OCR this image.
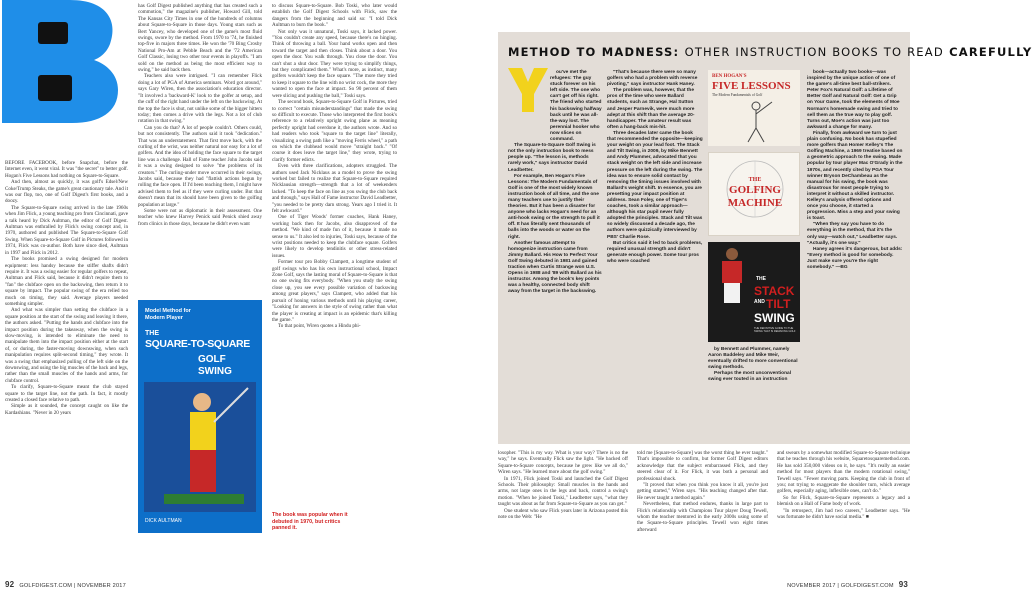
BEFORE FACEBOOK, before Snapchat, before the Internet even, it went viral. It was "the secret" to better golf. Hogan's Five Lessons had nothing on Square-to-Square.

And then, almost as quickly, it was golf's Edsel/New Coke/Trump Steaks, the game's great cautionary tale. And it was our flop, too, one of Golf Digest's first books, and a doozy.

The Square-to-Square swing arrived in the late 1960s when Jim Flick, a young teaching pro from Cincinnati, gave a talk heard by Dick Aultman, the editor of Golf Digest. Aultman was enthralled by Flick's swing concept and, in 1970, authored and published The Square-to-Square Golf Swing. When Square-to-Square Golf in Pictures followed in 1974, Flick was co-author. Both have since died, Aultman in 1997 and Flick in 2012.

The books promised a swing designed for modern equipment: less handsy because the stiffer shafts didn't require it. It was a swing easier for regular golfers to repeat, Aultman and Flick said, because it didn't require them to "fan" the clubface open on the backswing, then return it to square by impact. The popular swing of the era relied too much on timing, they said. Average players needed something simpler.

And what was simpler than setting the clubface in a square position at the start of the swing and leaving it there, the authors asked. "Putting the hands and clubface into the impact position during the takeaway, when the swing is slow-moving, is intended to eliminate the need to manipulate them into the impact position either at the start of, or during, the faster-moving downswing, when such manipulation requires split-second timing," they wrote. It was a swing that emphasized pulling of the left side on the downswing, and using the big muscles of the back and legs, rather than the small muscles of the hands and arms, for clubface control.

To clarify, Square-to-Square meant the club stayed square to the target line, not the path. In fact, it mostly created a closed face relative to path.

Simple as it sounded, the concept caught on like the Kardashians. "Never in 20 years

has Golf Digest published anything that has created such a commotion," the magazine's publisher, Howard Gill, told The Kansas City Times in one of the hundreds of columns about Square-to-Square in those days. Young stars such as Bert Yancey, who developed one of the game's most fluid swings, swore by the method. From 1970 to '74, he finished top-five in majors three times. He won the '70 Bing Crosby National Pro-Am at Pebble Beach and the '72 American Golf Classic, losing two other tour events in playoffs. "I am sold on the method as being the most efficient way to swing," he said back then.

Teachers also were intrigued. "I can remember Flick doing a lot of PGA of America seminars. Word got around," says Gary Wiren, then the association's education director. "It involved a 'backward-K' look to the golfer at setup, and the cuff of the right hand under the left on the backswing. At the top the face is shut, not unlike some of the bigger hitters today; then comes a drive with the legs. Not a lot of club rotation in that swing."

Can you do that? A lot of people couldn't. Others could, but not consistently. The authors said it took "dedication." That was an understatement. That first move back, with the curling of the wrist, was neither natural nor easy for a lot of golfers. And the idea of holding the face square to the target line was a challenge. Hall of Fame teacher John Jacobs said it was a swing designed to solve "the problems of its creators." The curling-under move occurred in their swings, Jacobs said, because they had "flattish actions begun by rolling the face open. If I'd been teaching them, I might have advised them to feel as if they were curling under. But that doesn't mean that its should have been given to the golfing population at large."

Some were not as diplomatic in their assessment. One teacher who knew Harvey Penick said Penick shied away from clinics in those days, because he didn't even want

Model Method for Modern Player
THE
SQUARE-TO-SQUARE
GOLF
SWING
DICK AULTMAN
The book was popular when it debuted in 1970, but critics panned it.

to discuss Square-to-Square. Bob Toski, who later would establish the Golf Digest Schools with Flick, saw the dangers from the beginning and said so: "I told Dick Aultman to burn the book."

Not only was it unnatural, Toski says, it lacked power. "You couldn't create any speed, because there's no hinging. Think of throwing a ball. Your hand works open and then toward the target and then closes. Think about a door. You open the door. You walk through. You close the door. You can't shut a shut door. They were trying to simplify things, but they complicated them." What's more, as instinct, many golfers wouldn't keep the face square. "The more they tried to keep it square to the line with no wrist cock, the more they wanted to open the face at impact. So 90 percent of them were slicing and pushing the ball," Toski says.

The second book, Square-to-Square Golf in Pictures, tried to correct "certain misunderstandings" that made the swing so difficult to execute. Those who interpreted the first book's reference to a relatively upright swing plane as meaning perfectly upright had overdone it, the authors wrote. And so had readers who took "square to the target line" literally, visualizing a swing path like a "moving Ferris wheel," a path on which the clubhead would move "straight back." "Of course it does leave the target line," they wrote, trying to clarify former edicts.

Even with three clarifications, adopters struggled. The authors used Jack Nicklaus as a model to prove the swing worked but failed to realize that Square-to-Square required Nicklausian strength—strength that a lot of weekenders lacked. "To keep the face on line as you swing the club back and through," says Hall of Fame instructor David Leadbetter, "you needed to be pretty darn strong. Years ago I tried it. It felt awkward."

One of Tiger Woods' former coaches, Hank Haney, working back then for Jacobs, also disapproved of the method. "We kind of made fun of it, because it made no sense to us." It also led to injuries, Toski says, because of the wrist positions needed to keep the clubface square. Golfers were likely to develop tendinitis or other stress-related issues.

Former tour pro Bobby Clampett, a longtime student of golf swings who has his own instructional school, Impact Zone Golf, says the lasting moral of Square-to-Square is that no one swing fits everybody. "When you study the swing close up, you see every possible variation of backswing among great players," says Clampett, who added that his pursuit of honing various methods until his playing career, "Looking for answers in the style of swing rather than what the player is creating at impact is an epidemic that's killing the game."

To that point, Wiren quotes a Hindu phi-

92 GOLFDIGEST.COM | NOVEMBER 2017
METHOD TO MADNESS: OTHER INSTRUCTION BOOKS TO READ CAREFULLY

ou've met the refugees: The guy stuck forever on his left side. The one who can't get off his right. The friend who started his backswing halfway back until he was all-the-way lost. The perennial hooker who now slices on command.

The Square-to-Square Golf Swing is not the only instruction book to mess people up. "The lesson is, methods rarely work," says instructor David Leadbetter.

For example, Ben Hogan's Five Lessons: The Modern Fundamentals of Golf is one of the most widely known instruction book of all time, and the one many teachers use to justify their theories. But it has been a disaster for anyone who lacks Hogan's need for an anti-hook swing or the strength to pull it off. It has literally sent thousands of balls into the woods or water on the right.

Another famous attempt to homogenize instruction came from Jimmy Ballard. His How to Perfect Your Golf Swing debuted in 1981 and gained traction when Curtis Strange won U.S. Opens in 1988 and '89 with Ballard as his instructor. Among the book's key points was a healthy, connected body shift away from the target in the backswing.

"That's because there were so many golfers who had a problem with reverse pivoting," says instructor Hank Haney.

The problem was, however, that the pros of the time who were Ballard students, such as Strange, Hal Sutton and Jesper Parnevik, were much more adept at this shift than the average 20-handicapper. The amateur result was often a hang-back mis-hit.

Three decades later came the book that recommended the opposite—keeping your weight on your lead foot. The Stack and Tilt Swing, in 2009, by Mike Bennett and Andy Plummer, advocated that you stack weight on the left side and increase pressure on the left during the swing. The idea was to ensure solid contact by removing the timing issues involved with Ballard's weight shift. In essence, you are presetting your impact position at address. Sean Foley, one of Tiger's coaches, took a similar approach—although his star pupil never fully adopted the principles. Stack and Tilt was so widely discussed a decade ago, the authors were quizzically interviewed by PBS' Charlie Rose.

But critics said it led to back problems, required unusual strength and didn't generate enough power. Some tour pros who were coached

BEN HOGAN'S
FIVE LESSONS
The Modern Fundamentals of Golf
THE
GOLFING
MACHINE
THE
STACK
AND TILT
SWING
THE DEFINITIVE GUIDE TO THE SWING THAT IS REMAKING GOLF

by Bennett and Plummer, namely Aaron Baddeley and Mike Weir, eventually drifted to more conventional swing methods.

Perhaps the most unconventional swing ever touted in an instruction

book—actually two books—was inspired by the unique action of one of the game's all-time best ball-strikers. Peter Fox's Natural Golf: a Lifetime of Better Golf and Natural Golf: Get a Grip on Your Game, took the elements of Moe Norman's homemade swing and tried to sell them as the true way to play golf. Turns out, Moe's action was just too awkward a change for many.

Finally, from awkward we turn to just plain confusing. No book has stupefied more golfers than Homer Kelley's The Golfing Machine, a 1969 treatise based on a geometric approach to the swing. Made popular by tour player Mac O'Grady in the 1970s, and recently cited by PGA Tour winner Bryson DeChambeau as the manual for his swing, the book was disastrous for most people trying to interpret it without a skilled instructor. Kelley's analysis offered options and once you choose, it started a progression. Miss a step and your swing is toast.

"When they say you have to do everything in the method, that it's the only way—watch out," Leadbetter says. "Actually, it's one way."

Haney agrees it's dangerous, but adds: "Every method is good for somebody. Just make sure you're the right somebody." —BG

losopher. "This is my way. What is your way? There is no the way," he says. Eventually Flick saw the light. "He backed off Square-to-Square concepts, because he grew like we all do," Wiren says. "He learned more about the golf swing."

In 1971, Flick joined Toski and launched the Golf Digest Schools. Their philosophy: Small muscles in the hands and arms, not large ones in the legs and back, control a swing's motion. "When he joined Toski," Leadbetter says, "what they taught was about as far from Square-to-Square as you can get."

One student who saw Flick years later in Arizona posted this note on the Web: "He

told me [Square-to-Square] was the worst thing he ever taught." That's impossible to confirm, but former Golf Digest editors acknowledge that the subject embarrassed Flick, and they steered clear of it. For Flick, it was both a personal and professional shock.

"It proved that when you think you know it all, you're just getting started," Wiren says. "His teaching changed after that. He never taught a method again."

Nevertheless, that method endures, thanks in large part to Flick's relationship with Champions Tour player Doug Tewell, whom the teacher mentored in the early 2000s using some of the Square-to-Square principles. Tewell won eight times afterward

and swears by a somewhat modified Square-to-Square technique that he teaches through his website, Squaretosquaremethod.com. He has sold 350,000 videos on it, he says. "It's really an easier method for most players than the modern rotational swing," Tewell says. "Fewer moving parts. Keeping the club in front of you; not trying to exaggerate the shoulder turn, which average golfers, especially aging, inflexible ones, can't do."

So for Flick, Square-to-Square represents a legacy and a blemish on a Hall of Fame body of work.

"In retrospect, Jim had two careers," Leadbetter says. "He was fortunate he didn't have social media." ■

NOVEMBER 2017 | GOLFDIGEST.COM 93
